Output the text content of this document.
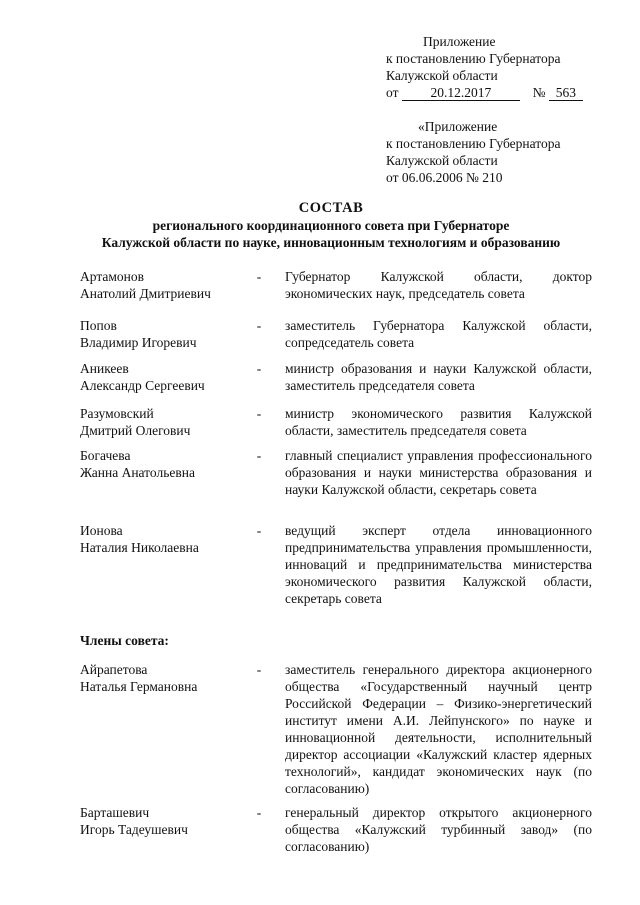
Приложение
к постановлению Губернатора
Калужской области
от 20.12.2017	№ 563
«Приложение
к постановлению Губернатора
Калужской области
от 06.06.2006 № 210
СОСТАВ
регионального координационного совета при Губернаторе
Калужской области по науке, инновационным технологиям и образованию
Артамонов
Анатолий Дмитриевич
- Губернатор Калужской области, доктор экономических наук, председатель совета
Попов
Владимир Игоревич
- заместитель Губернатора Калужской области, сопредседатель совета
Аникеев
Александр Сергеевич
- министр образования и науки Калужской области, заместитель председателя совета
Разумовский
Дмитрий Олегович
- министр экономического развития Калужской области, заместитель председателя совета
Богачева
Жанна Анатольевна
- главный специалист управления профессионального образования и науки министерства образования и науки Калужской области, секретарь совета
Ионова
Наталия Николаевна
- ведущий эксперт отдела инновационного предпринимательства управления промышленности, инноваций и предпринимательства министерства экономического развития Калужской области, секретарь совета
Члены совета:
Айрапетова
Наталья Германовна
- заместитель генерального директора акционерного общества «Государственный научный центр Российской Федерации – Физико-энергетический институт имени А.И. Лейпунского» по науке и инновационной деятельности, исполнительный директор ассоциации «Калужский кластер ядерных технологий», кандидат экономических наук (по согласованию)
Барташевич
Игорь Тадеушевич
- генеральный директор открытого акционерного общества «Калужский турбинный завод» (по согласованию)
